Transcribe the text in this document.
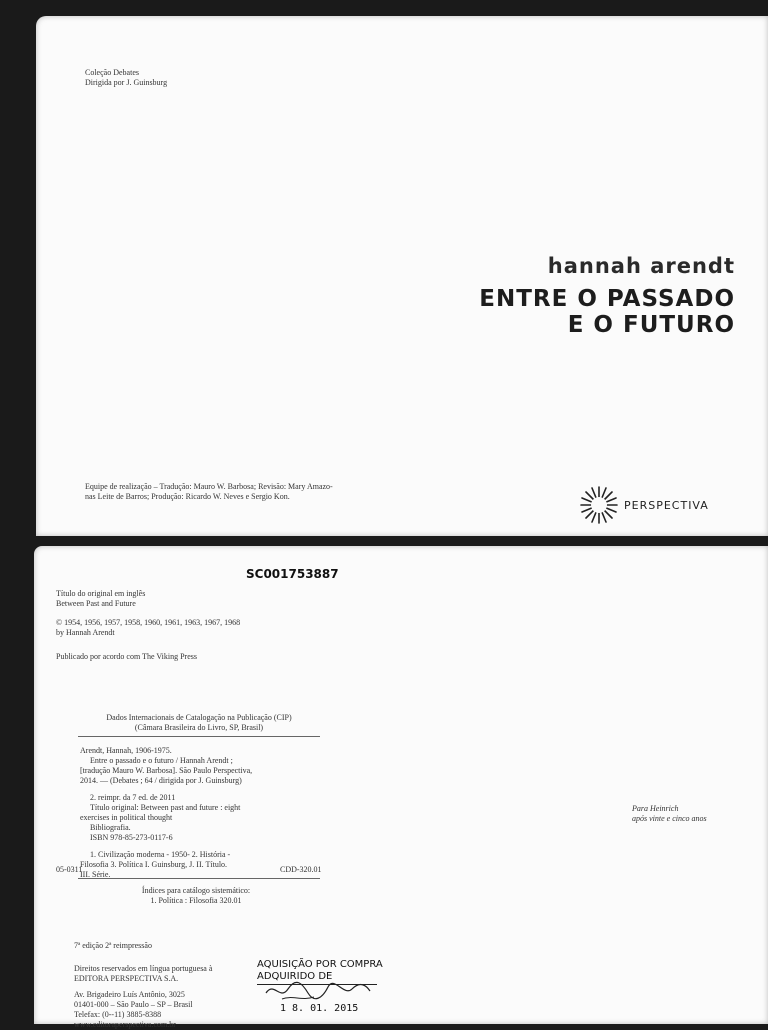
Coleção Debates
Dirigida por J. Guinsburg
hannah arendt
ENTRE O PASSADO
E O FUTURO
Equipe de realização – Tradução: Mauro W. Barbosa; Revisão: Mary Amazo-
nas Leite de Barros; Produção: Ricardo W. Neves e Sergio Kon.
PERSPECTIVA
SC001753887
Título do original em inglês
Between Past and Future
© 1954, 1956, 1957, 1958, 1960, 1961, 1963, 1967, 1968
by Hannah Arendt
Publicado por acordo com The Viking Press
Dados Internacionais de Catalogação na Publicação (CIP)
(Câmara Brasileira do Livro, SP, Brasil)

Arendt, Hannah, 1906-1975.
Entre o passado e o futuro / Hannah Arendt ;
[tradução Mauro W. Barbosa]. São Paulo Perspectiva,
2014. — (Debates ; 64 / dirigida por J. Guinsburg)

2. reimpr. da 7 ed. de 2011
Título original: Between past and future : eight
exercises in political thought
Bibliografia.
ISBN 978-85-273-0117-6

1. Civilização moderna - 1950- 2. História -
Filosofia 3. Política I. Guinsburg, J. II. Título.
III. Série.

05-0311	CDD-320.01
Índices para catálogo sistemático:
1. Política : Filosofia 320.01
7ª edição 2ª reimpressão
Direitos reservados em língua portuguesa à
EDITORA PERSPECTIVA S.A.
Av. Brigadeiro Luís Antônio, 3025
01401-000 – São Paulo – SP – Brasil
Telefax: (0--11) 3885-8388
www.editoraperspectiva.com.br
AQUISIÇÃO POR COMPRA
ADQUIRIDO DE
1 8. 01. 2015
Para Heinrich
após vinte e cinco anos
